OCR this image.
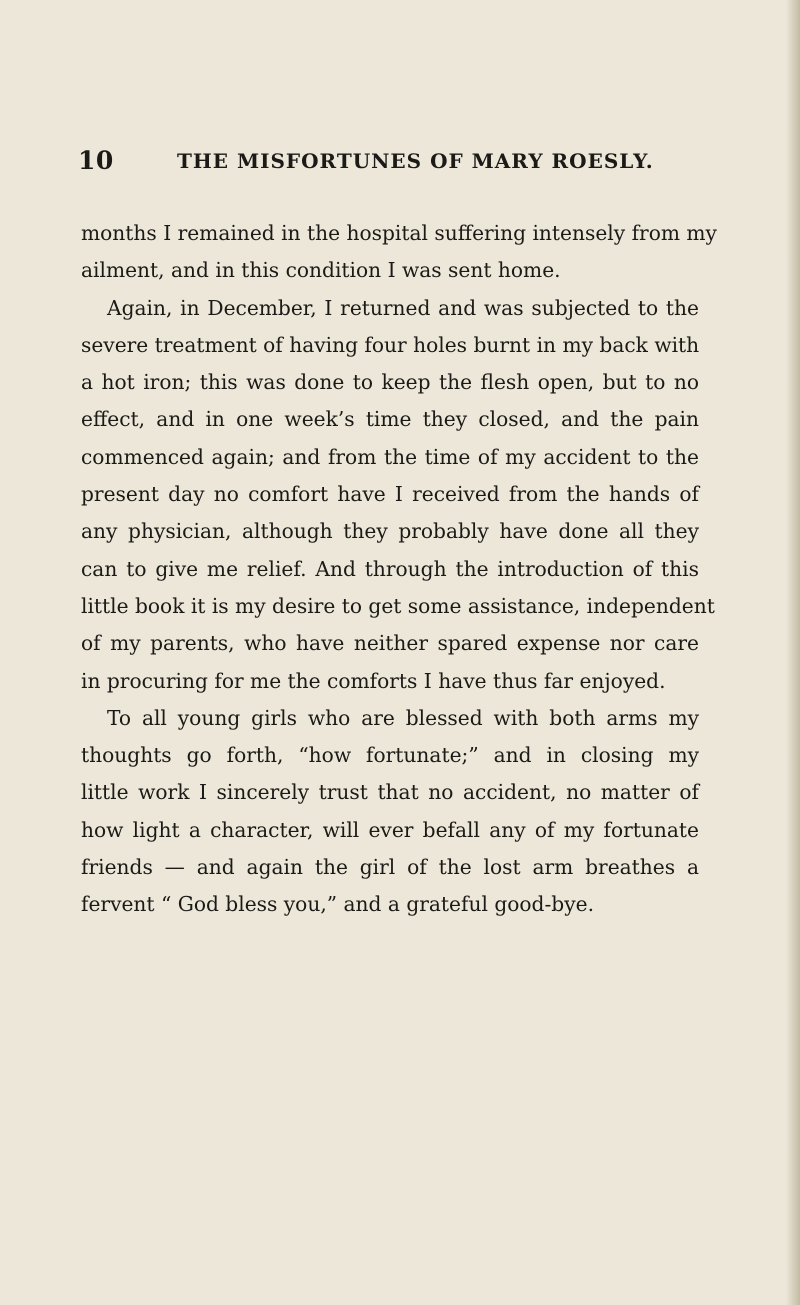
10	THE MISFORTUNES OF MARY ROESLY.
months I remained in the hospital suffering intensely from my
ailment, and in this condition I was sent home.
Again, in December, I returned and was subjected to the
severe treatment of having four holes burnt in my back with
a hot iron; this was done to keep the flesh open, but to no
effect, and in one week’s time they closed, and the pain
commenced again; and from the time of my accident to the
present day no comfort have I received from the hands of
any physician, although they probably have done all they
can to give me relief. And through the introduction of this
little book it is my desire to get some assistance, independent
of my parents, who have neither spared expense nor care
in procuring for me the comforts I have thus far enjoyed.
To all young girls who are blessed with both arms my
thoughts go forth, “how fortunate;” and in closing my
little work I sincerely trust that no accident, no matter of
how light a character, will ever befall any of my fortunate
friends — and again the girl of the lost arm breathes a
fervent “ God bless you,” and a grateful good-bye.
